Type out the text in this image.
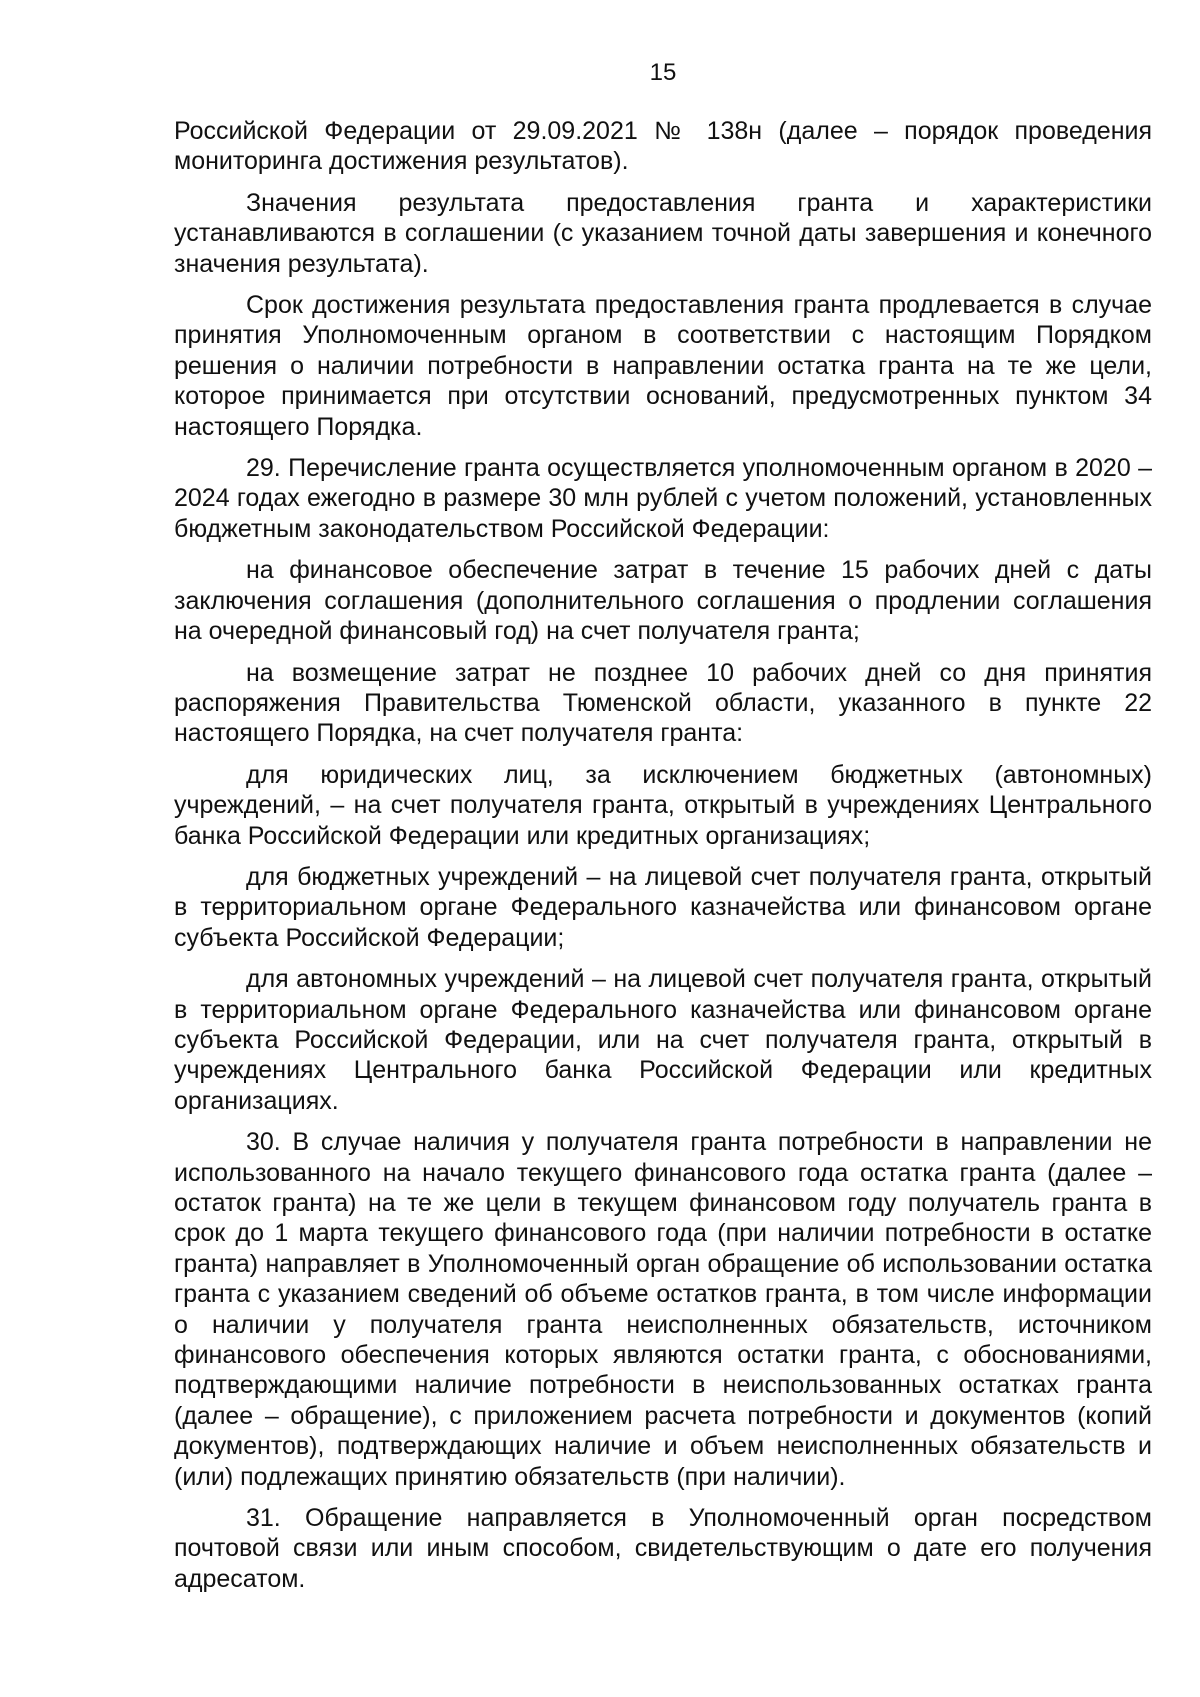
15

Российской Федерации от 29.09.2021 № 138н (далее – порядок проведения мониторинга достижения результатов).

Значения результата предоставления гранта и характеристики устанавливаются в соглашении (с указанием точной даты завершения и конечного значения результата).

Срок достижения результата предоставления гранта продлевается в случае принятия Уполномоченным органом в соответствии с настоящим Порядком решения о наличии потребности в направлении остатка гранта на те же цели, которое принимается при отсутствии оснований, предусмотренных пунктом 34 настоящего Порядка.

29. Перечисление гранта осуществляется уполномоченным органом в 2020 – 2024 годах ежегодно в размере 30 млн рублей с учетом положений, установленных бюджетным законодательством Российской Федерации:

на финансовое обеспечение затрат в течение 15 рабочих дней с даты заключения соглашения (дополнительного соглашения о продлении соглашения на очередной финансовый год) на счет получателя гранта;

на возмещение затрат не позднее 10 рабочих дней со дня принятия распоряжения Правительства Тюменской области, указанного в пункте 22 настоящего Порядка, на счет получателя гранта:

для юридических лиц, за исключением бюджетных (автономных) учреждений, – на счет получателя гранта, открытый в учреждениях Центрального банка Российской Федерации или кредитных организациях;

для бюджетных учреждений – на лицевой счет получателя гранта, открытый в территориальном органе Федерального казначейства или финансовом органе субъекта Российской Федерации;

для автономных учреждений – на лицевой счет получателя гранта, открытый в территориальном органе Федерального казначейства или финансовом органе субъекта Российской Федерации, или на счет получателя гранта, открытый в учреждениях Центрального банка Российской Федерации или кредитных организациях.

30. В случае наличия у получателя гранта потребности в направлении не использованного на начало текущего финансового года остатка гранта (далее – остаток гранта) на те же цели в текущем финансовом году получатель гранта в срок до 1 марта текущего финансового года (при наличии потребности в остатке гранта) направляет в Уполномоченный орган обращение об использовании остатка гранта с указанием сведений об объеме остатков гранта, в том числе информации о наличии у получателя гранта неисполненных обязательств, источником финансового обеспечения которых являются остатки гранта, с обоснованиями, подтверждающими наличие потребности в неиспользованных остатках гранта (далее – обращение), с приложением расчета потребности и документов (копий документов), подтверждающих наличие и объем неисполненных обязательств и (или) подлежащих принятию обязательств (при наличии).

31. Обращение направляется в Уполномоченный орган посредством почтовой связи или иным способом, свидетельствующим о дате его получения адресатом.
